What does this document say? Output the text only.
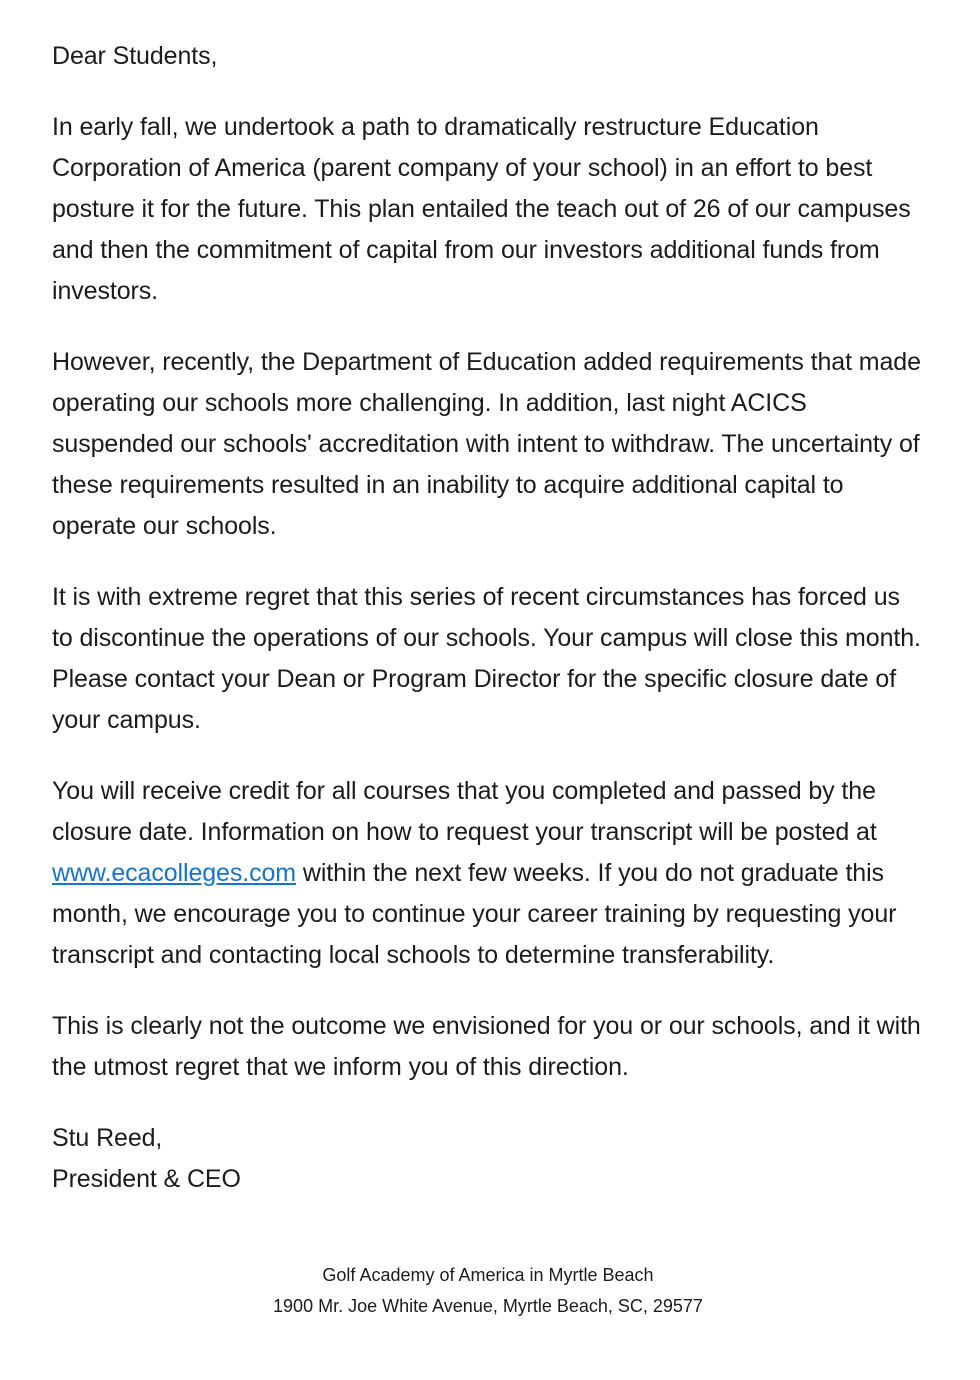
Dear Students,

In early fall, we undertook a path to dramatically restructure Education Corporation of America (parent company of your school) in an effort to best posture it for the future. This plan entailed the teach out of 26 of our campuses and then the commitment of capital from our investors additional funds from investors.

However, recently, the Department of Education added requirements that made operating our schools more challenging. In addition, last night ACICS suspended our schools' accreditation with intent to withdraw. The uncertainty of these requirements resulted in an inability to acquire additional capital to operate our schools.

It is with extreme regret that this series of recent circumstances has forced us to discontinue the operations of our schools. Your campus will close this month. Please contact your Dean or Program Director for the specific closure date of your campus.

You will receive credit for all courses that you completed and passed by the closure date. Information on how to request your transcript will be posted at www.ecacolleges.com within the next few weeks. If you do not graduate this month, we encourage you to continue your career training by requesting your transcript and contacting local schools to determine transferability.

This is clearly not the outcome we envisioned for you or our schools, and it with the utmost regret that we inform you of this direction.

Stu Reed,
President & CEO

Golf Academy of America in Myrtle Beach
1900 Mr. Joe White Avenue, Myrtle Beach, SC, 29577
